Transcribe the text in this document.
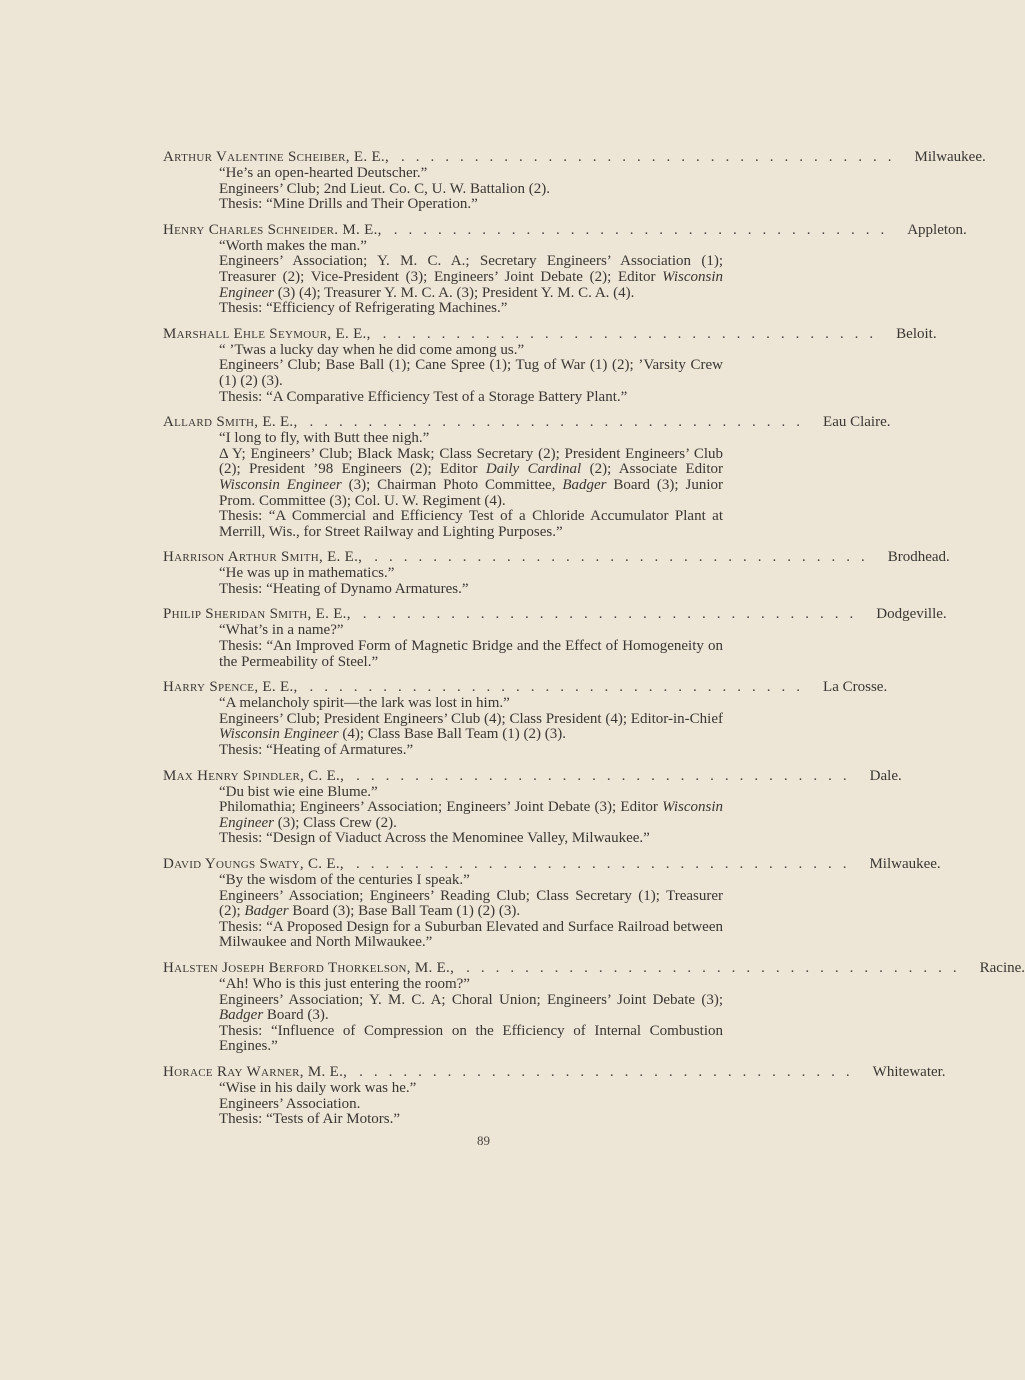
Arthur Valentine Scheiber, E. E., .................................. Milwaukee.

“He’s an open-hearted Deutscher.”

Engineers’ Club; 2nd Lieut. Co. C, U. W. Battalion (2).

Thesis: “Mine Drills and Their Operation.”

Henry Charles Schneider. M. E., .................................. Appleton.

“Worth makes the man.”

Engineers’ Association; Y. M. C. A.; Secretary Engineers’ Association (1); Treasurer (2); Vice-President (3); Engineers’ Joint Debate (2); Editor Wisconsin Engineer (3) (4); Treasurer Y. M. C. A. (3); President Y. M. C. A. (4).

Thesis: “Efficiency of Refrigerating Machines.”

Marshall Ehle Seymour, E. E., .................................. Beloit.

“ ’Twas a lucky day when he did come among us.”

Engineers’ Club; Base Ball (1); Cane Spree (1); Tug of War (1) (2); ’Varsity Crew (1) (2) (3).

Thesis: “A Comparative Efficiency Test of a Storage Battery Plant.”

Allard Smith, E. E., .................................. Eau Claire.

“I long to fly, with Butt thee nigh.”

Δ Υ; Engineers’ Club; Black Mask; Class Secretary (2); President Engineers’ Club (2); President ’98 Engineers (2); Editor Daily Cardinal (2); Associate Editor Wisconsin Engineer (3); Chairman Photo Committee, Badger Board (3); Junior Prom. Committee (3); Col. U. W. Regiment (4).

Thesis: “A Commercial and Efficiency Test of a Chloride Accumulator Plant at Merrill, Wis., for Street Railway and Lighting Purposes.”

Harrison Arthur Smith, E. E., .................................. Brodhead.

“He was up in mathematics.”

Thesis: “Heating of Dynamo Armatures.”

Philip Sheridan Smith, E. E., .................................. Dodgeville.

“What’s in a name?”

Thesis: “An Improved Form of Magnetic Bridge and the Effect of Homogeneity on the Permeability of Steel.”

Harry Spence, E. E., .................................. La Crosse.

“A melancholy spirit—the lark was lost in him.”

Engineers’ Club; President Engineers’ Club (4); Class President (4); Editor-in-Chief Wisconsin Engineer (4); Class Base Ball Team (1) (2) (3).

Thesis: “Heating of Armatures.”

Max Henry Spindler, C. E., .................................. Dale.

“Du bist wie eine Blume.”

Philomathia; Engineers’ Association; Engineers’ Joint Debate (3); Editor Wisconsin Engineer (3); Class Crew (2).

Thesis: “Design of Viaduct Across the Menominee Valley, Milwaukee.”

David Youngs Swaty, C. E., .................................. Milwaukee.

“By the wisdom of the centuries I speak.”

Engineers’ Association; Engineers’ Reading Club; Class Secretary (1); Treasurer (2); Badger Board (3); Base Ball Team (1) (2) (3).

Thesis: “A Proposed Design for a Suburban Elevated and Surface Railroad between Milwaukee and North Milwaukee.”

Halsten Joseph Berford Thorkelson, M. E., .................................. Racine.

“Ah! Who is this just entering the room?”

Engineers’ Association; Y. M. C. A; Choral Union; Engineers’ Joint Debate (3); Badger Board (3).

Thesis: “Influence of Compression on the Efficiency of Internal Combustion Engines.”

Horace Ray Warner, M. E., .................................. Whitewater.

“Wise in his daily work was he.”

Engineers’ Association.

Thesis: “Tests of Air Motors.”

89
